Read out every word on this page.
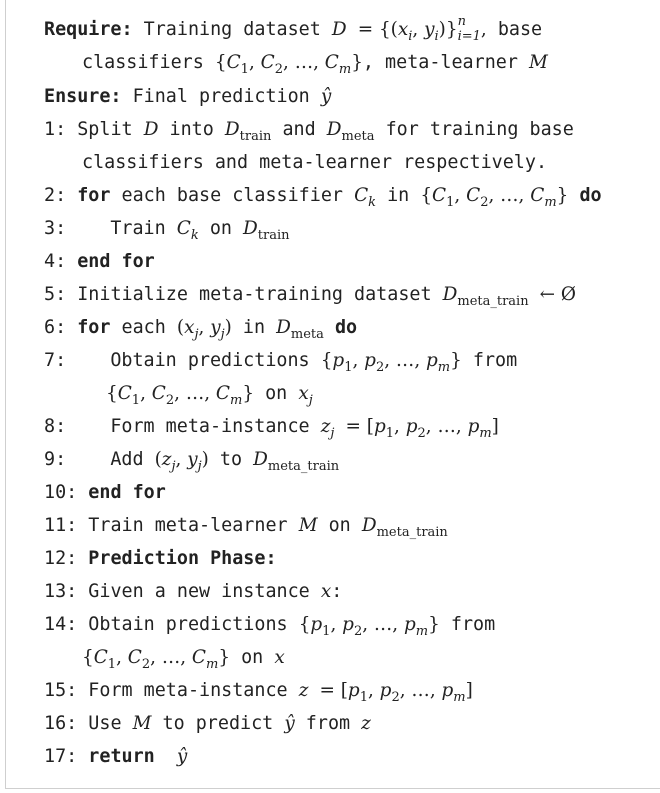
Require: Training dataset $D = \{(x_i$, $y_i$)} n
$_{i=1}$, base
classifiers {$C_1$, $C_2$, …, $C_m$}, meta-learner M
Ensure: Final prediction ŷ
1: Split D into $D_{train}$ and $D_{meta}$ for training base
classifiers and meta-learner respectively.
2: for each base classifier $C_k$ in {$C_1$, $C_2$, …, $C_m$} do
3: Train $C_k$ on $D_{train}$
4: end for
5: Initialize meta-training dataset $D_{meta\_train}$ ← Ø
6: for each ($x_j$, $y_j$) in $D_{meta}$ do
7: Obtain predictions {$p_1$, $p_2$, …, $p_m$} from
{$C_1$, $C_2$, …, $C_m$} on $x_j$
8: Form meta-instance $z_j = [p_1$, $p_2$, …, $p_m$]
9: Add ($z_j$, $y_j$) to $D_{meta\_train}$
10: end for
11: Train meta-learner M on $D_{meta\_train}$
12: Prediction Phase:
13: Given a new instance x:
14: Obtain predictions {$p_1$, $p_2$, …, $p_m$} from
{$C_1$, $C_2$, …, $C_m$} on x
15: Form meta-instance $z = [p_1$, $p_2$, …, $p_m$]
16: Use M to predict ŷ from z
17: return ŷ
